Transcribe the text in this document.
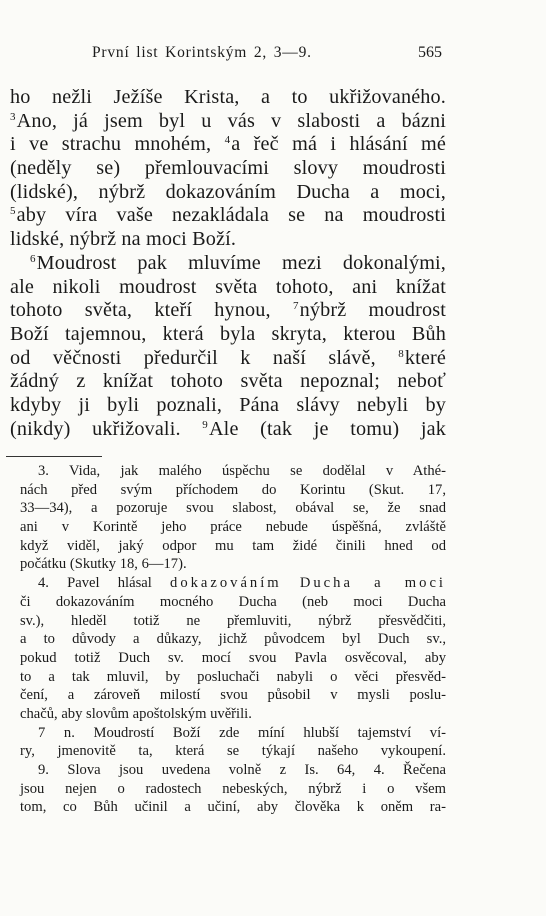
První list Korintským 2, 3—9.	565
ho nežli Ježíše Krista, a to ukřižovaného.
$^3$Ano, já jsem byl u vás v slabosti a bázni
i ve strachu mnohém, $^4$a řeč má i hlásání mé
(neděly se) přemlouvacími slovy moudrosti
(lidské), nýbrž dokazováním Ducha a moci,
$^5$aby víra vaše nezakládala se na moudrosti
lidské, nýbrž na moci Boží.
$^6$Moudrost pak mluvíme mezi dokonalými,
ale nikoli moudrost světa tohoto, ani knížat
tohoto světa, kteří hynou, $^7$nýbrž moudrost
Boží tajemnou, která byla skryta, kterou Bůh
od věčnosti předurčil k naší slávě, $^8$které
žádný z knížat tohoto světa nepoznal; neboť
kdyby ji byli poznali, Pána slávy nebyli by
(nikdy) ukřižovali. $^9$Ale (tak je tomu) jak
3. Vida, jak malého úspěchu se dodělal v Athé-
nách před svým příchodem do Korintu (Skut. 17,
33—34), a pozoruje svou slabost, obával se, že snad
ani v Korintě jeho práce nebude úspěšná, zvláště
když viděl, jaký odpor mu tam židé činili hned od
počátku (Skutky 18, 6—17).
4. Pavel hlásal dokazováním Ducha a moci
či dokazováním mocného Ducha (neb moci Ducha
sv.), hleděl totiž ne přemluviti, nýbrž přesvědčiti,
a to důvody a důkazy, jichž původcem byl Duch sv.,
pokud totiž Duch sv. mocí svou Pavla osvěcoval, aby
to a tak mluvil, by posluchači nabyli o věci přesvěd-
čení, a zároveň milostí svou působil v mysli poslu-
chačů, aby slovům apoštolským uvěřili.
7 n. Moudrostí Boží zde míní hlubší tajemství ví-
ry, jmenovitě ta, která se týkají našeho vykoupení.
9. Slova jsou uvedena volně z Is. 64, 4. Řečena
jsou nejen o radostech nebeských, nýbrž i o všem
tom, co Bůh učinil a učiní, aby člověka k oněm ra-
